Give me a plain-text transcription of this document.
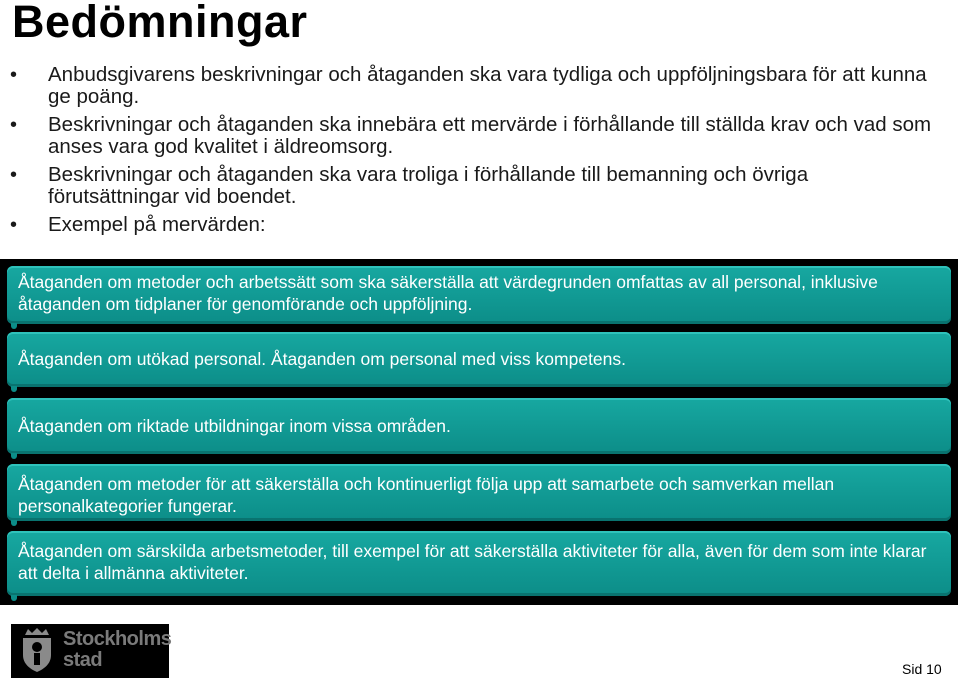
Bedömningar
• Anbudsgivarens beskrivningar och åtaganden ska vara tydliga och uppföljningsbara för att kunna ge poäng.
• Beskrivningar och åtaganden ska innebära ett mervärde i förhållande till ställda krav och vad som anses vara god kvalitet i äldreomsorg.
• Beskrivningar och åtaganden ska vara troliga i förhållande till bemanning och övriga förutsättningar vid boendet.
• Exempel på mervärden:
Åtaganden om metoder och arbetssätt som ska säkerställa att värdegrunden omfattas av all personal, inklusive åtaganden om tidplaner för genomförande och uppföljning.
Åtaganden om utökad personal. Åtaganden om personal med viss kompetens.
Åtaganden om riktade utbildningar inom vissa områden.
Åtaganden om metoder för att säkerställa och kontinuerligt följa upp att samarbete och samverkan mellan personalkategorier fungerar.
Åtaganden om särskilda arbetsmetoder, till exempel för att säkerställa aktiviteter för alla, även för dem som inte klarar att delta i allmänna aktiviteter.
Stockholms
stad	Sid 10
